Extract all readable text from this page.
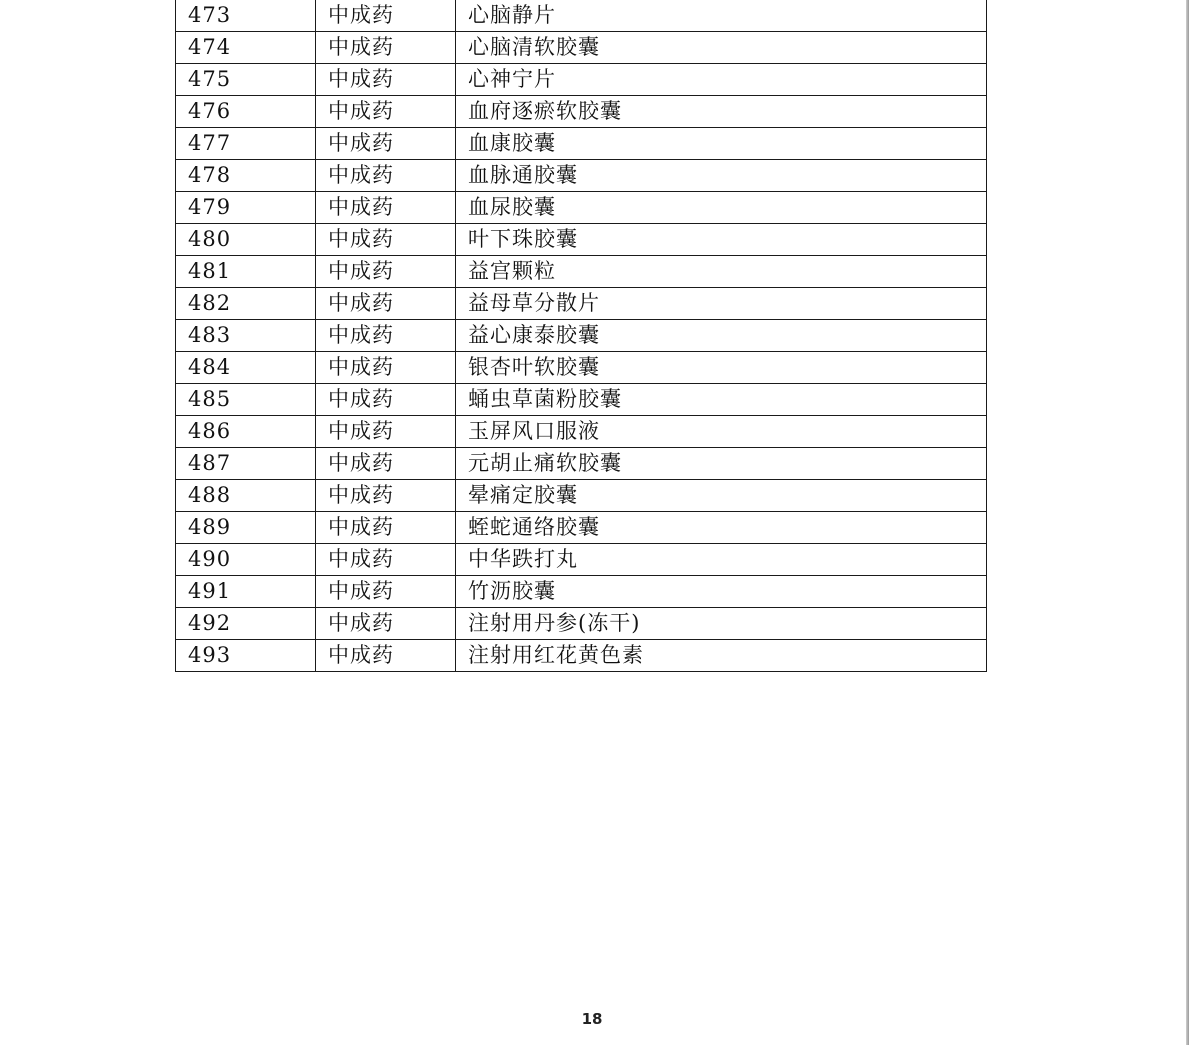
473	中成药	心脑静片
474	中成药	心脑清软胶囊
475	中成药	心神宁片
476	中成药	血府逐瘀软胶囊
477	中成药	血康胶囊
478	中成药	血脉通胶囊
479	中成药	血尿胶囊
480	中成药	叶下珠胶囊
481	中成药	益宫颗粒
482	中成药	益母草分散片
483	中成药	益心康泰胶囊
484	中成药	银杏叶软胶囊
485	中成药	蛹虫草菌粉胶囊
486	中成药	玉屏风口服液
487	中成药	元胡止痛软胶囊
488	中成药	晕痛定胶囊
489	中成药	蛭蛇通络胶囊
490	中成药	中华跌打丸
491	中成药	竹沥胶囊
492	中成药	注射用丹参(冻干)
493	中成药	注射用红花黄色素
18
